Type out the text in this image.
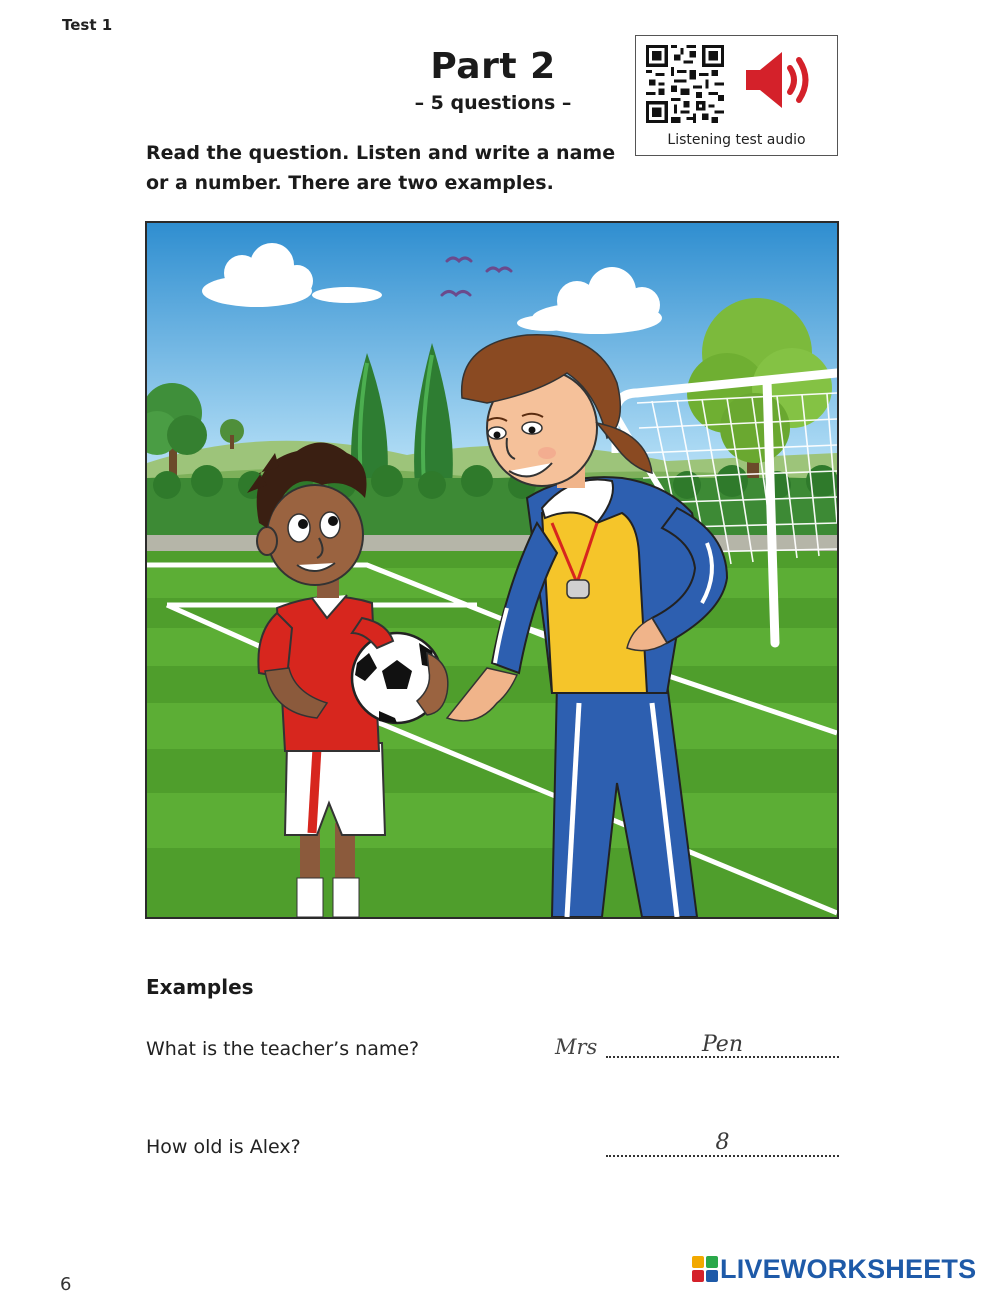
Test 1
Part 2
– 5 questions –
Read the question. Listen and write a name
or a number. There are two examples.
Listening test audio
Examples
What is the teacher’s name?	Mrs	Pen
How old is Alex?	8
6
LIVEWORKSHEETS
